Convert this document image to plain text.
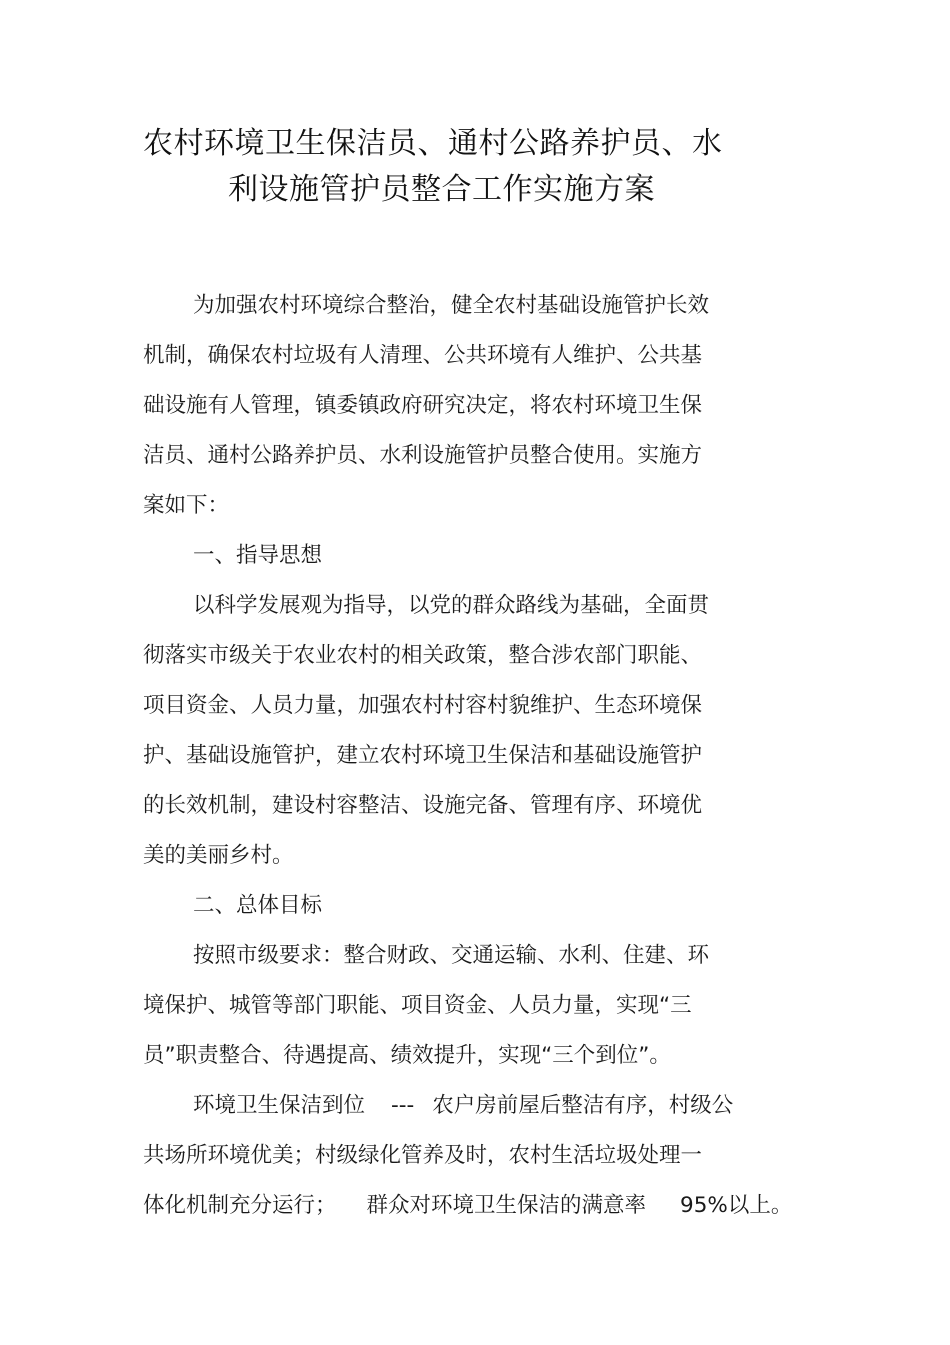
农村环境卫生保洁员、通村公路养护员、水
利设施管护员整合工作实施方案
为加强农村环境综合整治，健全农村基础设施管护长效
机制，确保农村垃圾有人清理、公共环境有人维护、公共基
础设施有人管理，镇委镇政府研究决定，将农村环境卫生保
洁员、通村公路养护员、水利设施管护员整合使用。实施方
案如下：
一、指导思想
以科学发展观为指导，以党的群众路线为基础，全面贯
彻落实市级关于农业农村的相关政策，整合涉农部门职能、
项目资金、人员力量，加强农村村容村貌维护、生态环境保
护、基础设施管护，建立农村环境卫生保洁和基础设施管护
的长效机制，建设村容整洁、设施完备、管理有序、环境优
美的美丽乡村。
二、总体目标
按照市级要求：整合财政、交通运输、水利、住建、环
境保护、城管等部门职能、项目资金、人员力量，实现“三
员”职责整合、待遇提高、绩效提升，实现“三个到位”。
环境卫生保洁到位 --- 农户房前屋后整洁有序，村级公
共场所环境优美；村级绿化管养及时，农村生活垃圾处理一
体化机制充分运行； 群众对环境卫生保洁的满意率 95%以上。
